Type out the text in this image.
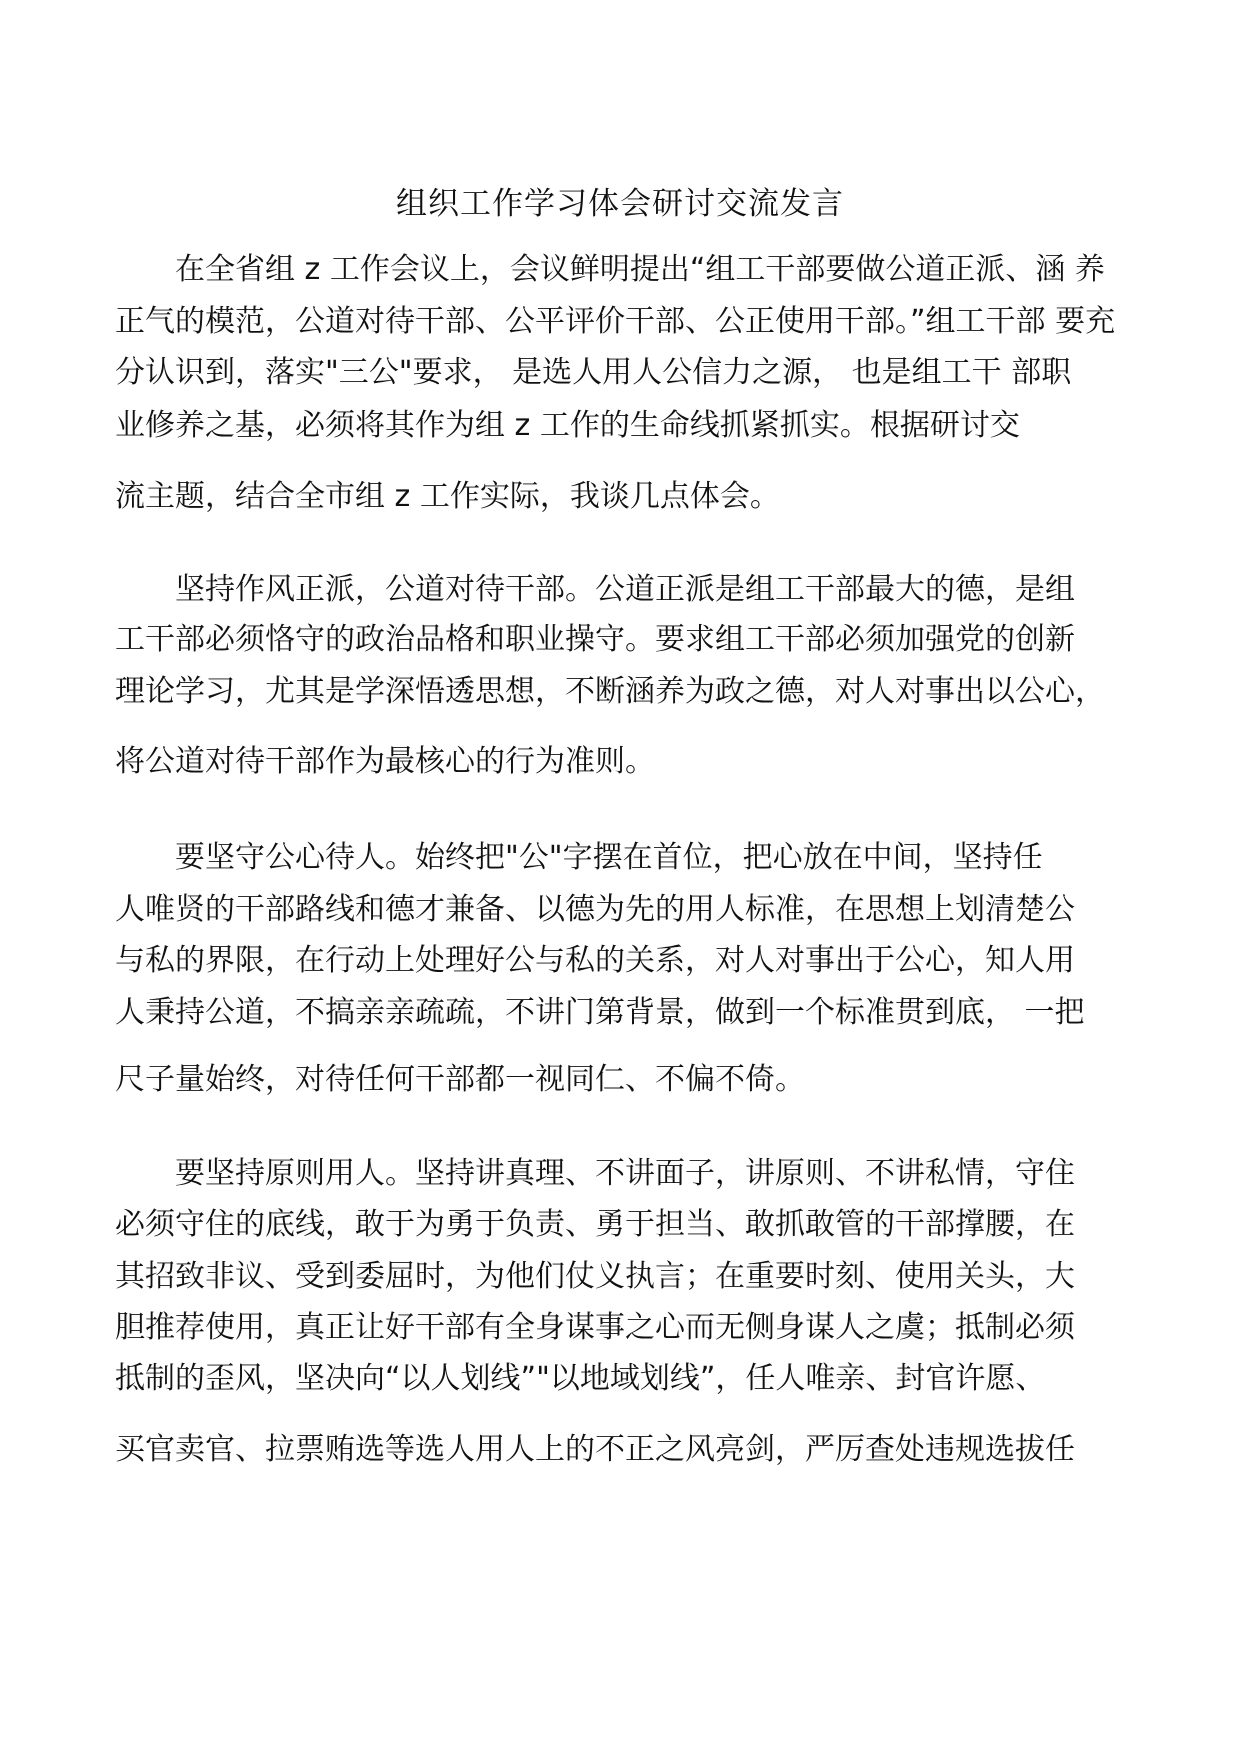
组织工作学习体会研讨交流发言
　　在全省组 z 工作会议上，会议鲜明提出“组工干部要做公道正派、涵 养
正气的模范，公道对待干部、公平评价干部、公正使用干部。”组工干部 要充
分认识到，落实"三公"要求， 是选人用人公信力之源， 也是组工干 部职
业修养之基，必须将其作为组 z 工作的生命线抓紧抓实。根据研讨交
流主题，结合全市组 z 工作实际，我谈几点体会。
　　坚持作风正派，公道对待干部。公道正派是组工干部最大的德，是组
工干部必须恪守的政治品格和职业操守。要求组工干部必须加强党的创新
理论学习，尤其是学深悟透思想，不断涵养为政之德，对人对事出以公心，
将公道对待干部作为最核心的行为准则。
　　要坚守公心待人。始终把"公"字摆在首位，把心放在中间，坚持任
人唯贤的干部路线和德才兼备、以德为先的用人标准，在思想上划清楚公
与私的界限，在行动上处理好公与私的关系，对人对事出于公心，知人用
人秉持公道，不搞亲亲疏疏，不讲门第背景，做到一个标准贯到底， 一把
尺子量始终，对待任何干部都一视同仁、不偏不倚。
　　要坚持原则用人。坚持讲真理、不讲面子，讲原则、不讲私情，守住
必须守住的底线，敢于为勇于负责、勇于担当、敢抓敢管的干部撑腰，在
其招致非议、受到委屈时，为他们仗义执言；在重要时刻、使用关头，大
胆推荐使用，真正让好干部有全身谋事之心而无侧身谋人之虞；抵制必须
抵制的歪风，坚决向“以人划线”"以地域划线”，任人唯亲、封官许愿、
买官卖官、拉票贿选等选人用人上的不正之风亮剑，严厉查处违规选拔任
